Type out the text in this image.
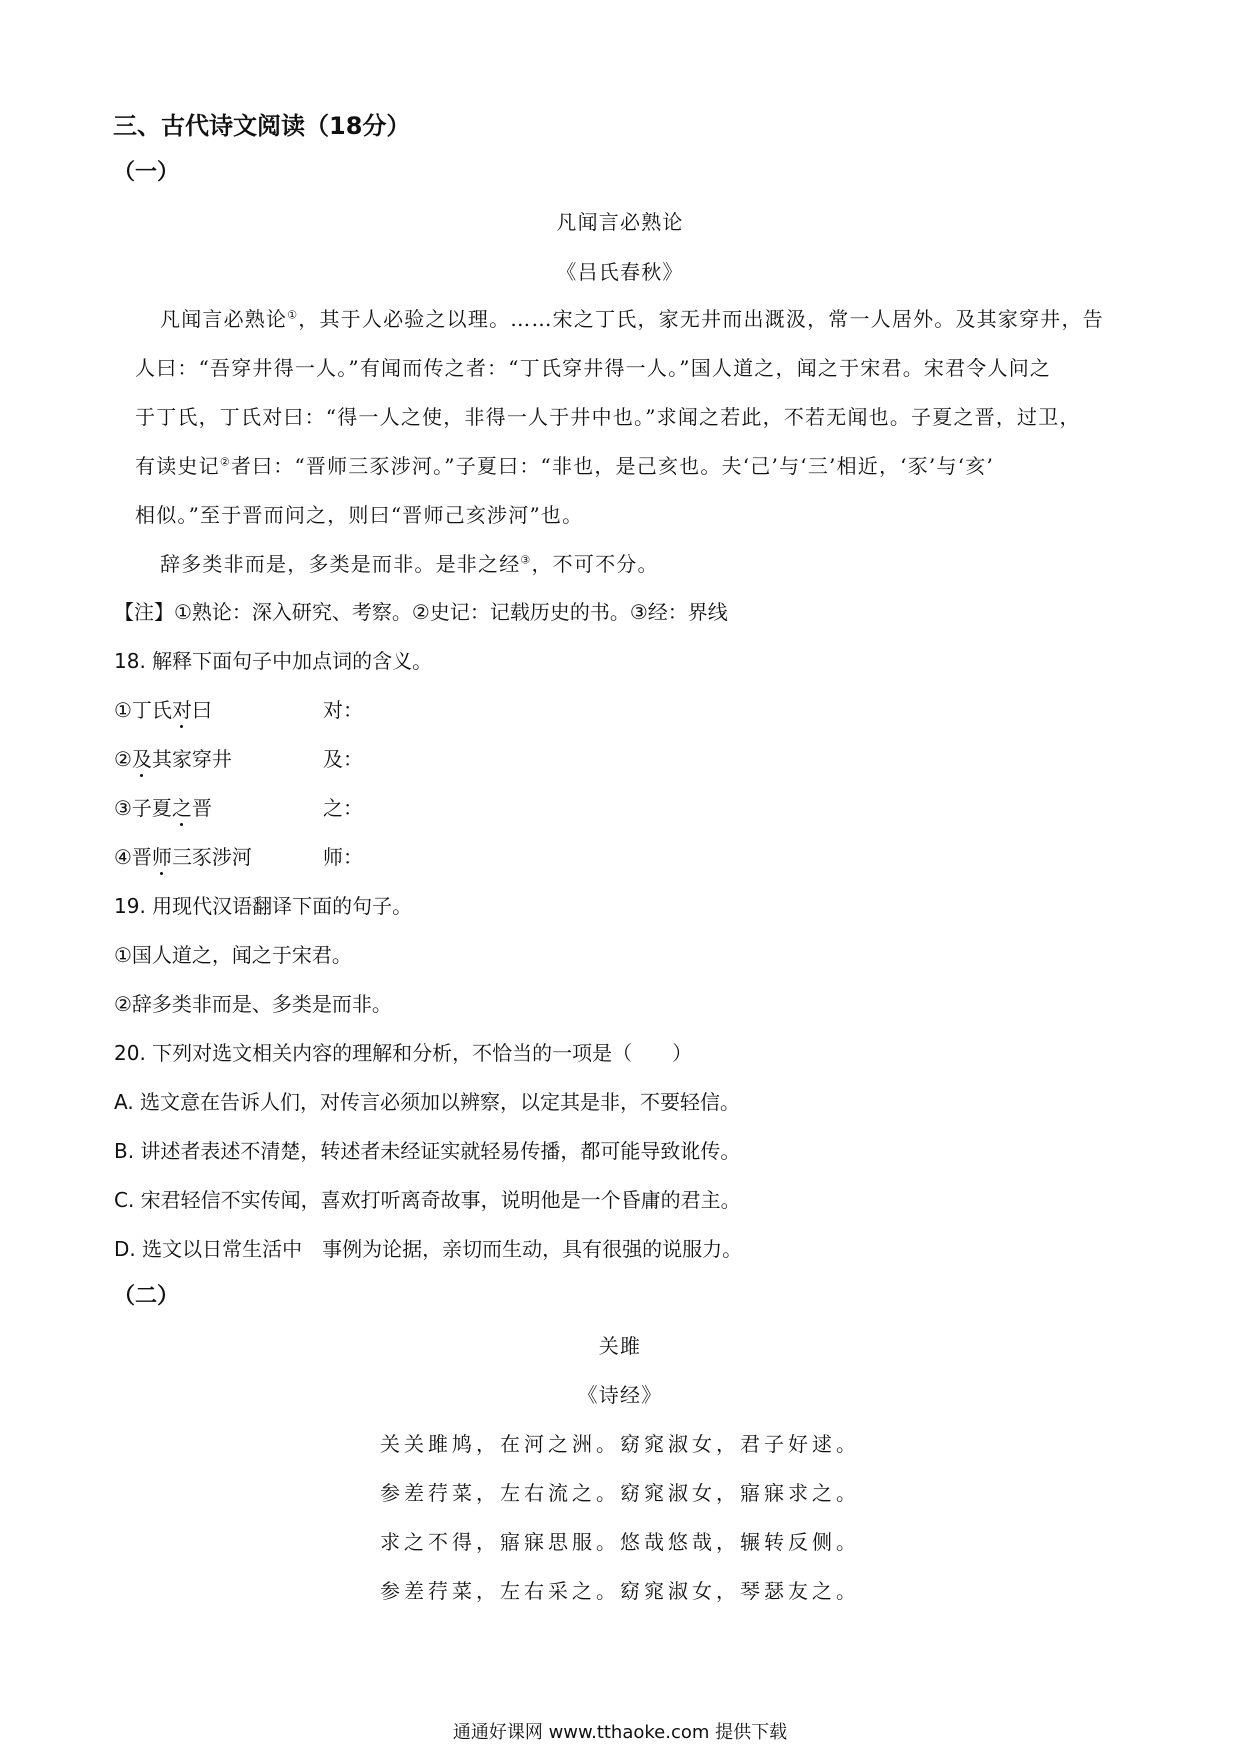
三、古代诗文阅读（18分）
（一）
凡闻言必熟论
《吕氏春秋》
凡闻言必熟论①，其于人必验之以理。……宋之丁氏，家无井而出溉汲，常一人居外。及其家穿井，告
人曰：“吾穿井得一人。”有闻而传之者：“丁氏穿井得一人。”国人道之，闻之于宋君。宋君令人问之
于丁氏，丁氏对曰：“得一人之使，非得一人于井中也。”求闻之若此，不若无闻也。子夏之晋，过卫，
有读史记②者曰：“晋师三豕涉河。”子夏曰：“非也，是己亥也。夫‘己’与‘三’相近，‘豕’与‘亥’
相似。”至于晋而问之，则曰“晋师己亥涉河”也。
辞多类非而是，多类是而非。是非之经③，不可不分。
【注】①熟论：深入研究、考察。②史记：记载历史的书。③经：界线
18. 解释下面句子中加点词的含义。
①丁氏对曰	对：
②及其家穿井	及：
③子夏之晋	之：
④晋师三豕涉河	师：
19. 用现代汉语翻译下面的句子。
①国人道之，闻之于宋君。
②辞多类非而是、多类是而非。
20. 下列对选文相关内容的理解和分析，不恰当的一项是（　　）
A. 选文意在告诉人们，对传言必须加以辨察，以定其是非，不要轻信。
B. 讲述者表述不清楚，转述者未经证实就轻易传播，都可能导致讹传。
C. 宋君轻信不实传闻，喜欢打听离奇故事，说明他是一个昏庸的君主。
D. 选文以日常生活中　事例为论据，亲切而生动，具有很强的说服力。
（二）
关雎
《诗经》
关关雎鸠，在河之洲。窈窕淑女，君子好逑。
参差荇菜，左右流之。窈窕淑女，寤寐求之。
求之不得，寤寐思服。悠哉悠哉，辗转反侧。
参差荇菜，左右采之。窈窕淑女，琴瑟友之。
通通好课网 www.tthaoke.com 提供下载
